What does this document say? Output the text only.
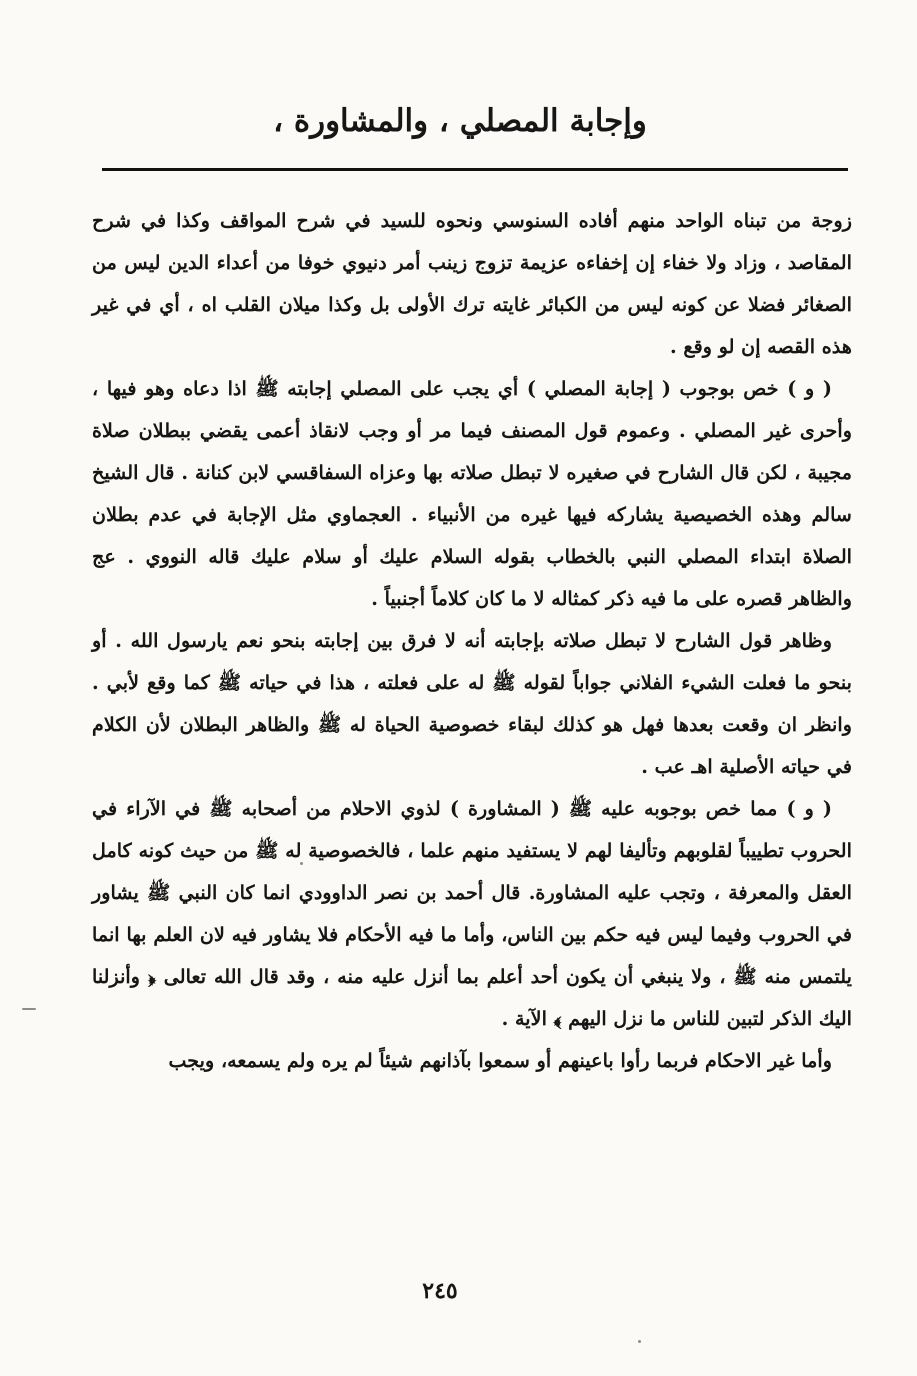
وإجابة المصلي ، والمشاورة ،

زوجة من تبناه الواحد منهم أفاده السنوسي ونحوه للسيد في شرح المواقف وكذا في شرح المقاصد ، وزاد ولا خفاء إن إخفاءه عزيمة تزوج زينب أمر دنيوي خوفا من أعداء الدين ليس من الصغائر فضلا عن كونه ليس من الكبائر غايته ترك الأولى بل وكذا ميلان القلب اه ، أي في غير هذه القصه إن لو وقع .

( و ) خص بوجوب ( إجابة المصلي ) أي يجب على المصلي إجابته ﷺ اذا دعاه وهو فيها ، وأحرى غير المصلي . وعموم قول المصنف فيما مر أو وجب لانقاذ أعمى يقضي ببطلان صلاة مجيبة ، لكن قال الشارح في صغيره لا تبطل صلاته بها وعزاه السفاقسي لابن كنانة . قال الشيخ سالم وهذه الخصيصية يشاركه فيها غيره من الأنبياء . العجماوي مثل الإجابة في عدم بطلان الصلاة ابتداء المصلي النبي بالخطاب بقوله السلام عليك أو سلام عليك قاله النووي . عج والظاهر قصره على ما فيه ذكر كمثاله لا ما كان كلاماً أجنبياً .

وظاهر قول الشارح لا تبطل صلاته بإجابته أنه لا فرق بين إجابته بنحو نعم يارسول الله . أو بنحو ما فعلت الشيء الفلاني جواباً لقوله ﷺ له على فعلته ، هذا في حياته ﷺ كما وقع لأبي . وانظر ان وقعت بعدها فهل هو كذلك لبقاء خصوصية الحياة له ﷺ والظاهر البطلان لأن الكلام في حياته الأصلية اهـ عب .

( و ) مما خص بوجوبه عليه ﷺ ( المشاورة ) لذوي الاحلام من أصحابه ﷺ في الآراء في الحروب تطييباً لقلوبهم وتأليفا لهم لا يستفيد منهم علما ، فالخصوصية له ﷺ من حيث كونه كامل العقل والمعرفة ، وتجب عليه المشاورة. قال أحمد بن نصر الداوودي انما كان النبي ﷺ يشاور في الحروب وفيما ليس فيه حكم بين الناس، وأما ما فيه الأحكام فلا يشاور فيه لان العلم بها انما يلتمس منه ﷺ ، ولا ينبغي أن يكون أحد أعلم بما أنزل عليه منه ، وقد قال الله تعالى ﴿ وأنزلنا اليك الذكر لتبين للناس ما نزل اليهم ﴾ الآية .

وأما غير الاحكام فربما رأوا باعينهم أو سمعوا بآذانهم شيئاً لم يره ولم يسمعه، ويجب

٢٤٥
